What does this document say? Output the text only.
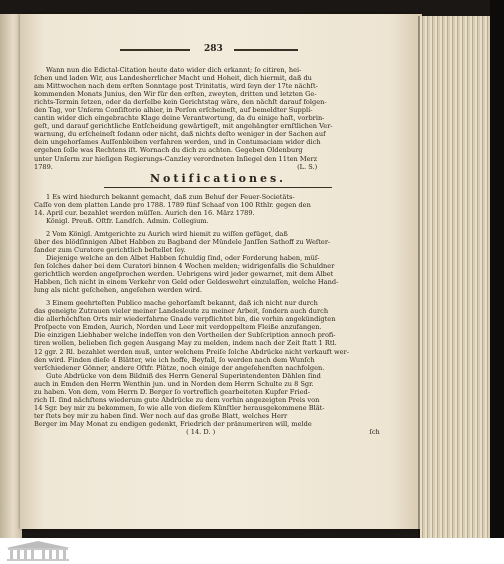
283
Wann nun die Edictal-Citation heute dato wider dich erkannt; ſo citiren, hei-
ſchen und laden Wir, aus Landesherrlicher Macht und Hoheit, dich hiermit, daß du
am Mittwochen nach dem erſten Sonntage post Trinitatis, wird ſeyn der 17te nächſt-
kommenden Monats Junius, den Wir für den erſten, zweyten, dritten und letzten Ge-
richts-Termin ſetzen, oder da derſelbe kein Gerichtstag wäre, den nächſt darauf folgen-
den Tag, vor Unſerm Conſiſtorio alhier, in Perſon erſcheineſt, auf bemeldter Supplí-
cantin wider dich eingebrachte Klage deine Verantwortung, da du einige haſt, vorbrin-
geſt, und darauf gerichtliche Entſcheidung gewärtigeſt, mit angehängter ernſtlichen Ver-
warnung, du erſcheineſt ſodann oder nicht, daß nichts deſto weniger in der Sachen auf
dein ungehorſames Auſſenbleiben verfahren werden, und in Contumaciam wider dich
ergehen ſolle was Rechtens iſt. Wornach du dich zu achten. Gegeben Oldenburg
unter Unſerm zur hieſigen Regierungs-Canzley verordneten Inſiegel den 11ten Merz
1789.	(L. S.)
Notificationes.
1 Es wird hiedurch bekannt gemacht, daß zum Behuf der Feuer-Societäts-
Caſſe von dem platten Lande pro 1788. 1789 fünf Schaaf von 100 Rthlr. gegen den
14. April cur. bezahlet werden müſſen. Aurich den 16. März 1789.
Königl. Preuß. Oſtfr. Landſch. Admin. Collegium.
2 Vom Königl. Amtgerichte zu Aurich wird hiemit zu wiſſen gefüget, daß
über des blödſinnigen Albet Habben zu Bagband der Mündele Janſſen Sathoff zu Weſter-
ſander zum Curatore gerichtlich beſtellet ſey.
Diejenige welche an den Albet Habben ſchuldig ſind, oder Forderung haben, müſ-
ſen ſolches daher bei dem Curatori binnen 4 Wochen melden; widrigenfalls die Schuldner
gerichtlich werden angeſprochen werden. Uebrigens wird jeder gewarnet, mit dem Albet
Habben, ſich nicht in einem Verkehr von Geld oder Geldeswehrt einzulaſſen, welche Hand-
lung als nicht geſchehen, angeſehen werden wird.
3 Einem geehrteſten Publico mache gehorſamſt bekannt, daß ich nicht nur durch
das geneigte Zutrauen vieler meiner Landesleute zu meiner Arbeit, ſondern auch durch
die allerhöchſten Orts mir wiederfahrne Gnade verpflichtet bin, die vorhin angekündigten
Proſpecte von Emden, Aurich, Norden und Leer mit verdoppeltem Fleiße anzufangen.
Die einzigen Liebhaber welche indeſſen von den Vortheilen der Subſcription annoch profi-
tiren wollen, belieben ſich gegen Ausgang May zu melden, indem nach der Zeit ſtatt 1 Rtl.
12 ggr. 2 Rl. bezahlet werden muß, unter welchem Preiſe ſolche Abdrücke nicht verkauft wer-
den wird. Finden dieſe 4 Blätter, wie ich hoffe, Beyfall, ſo werden nach dem Wunſch
verſchiedener Gönner, andere Oſtfr. Plätze, noch einige der angeſehenſten nachfolgen.
Gute Abdrücke von dem Bildniß des Herrn General Superintendenten Dählen ſind
auch in Emden den Herrn Wenthin jun. und in Norden dem Herrn Schulte zu 8 Sgr.
zu haben. Von dem, vom Herrn D. Berger ſo vortreflich gearbeiteten Kupfer Fried-
rich II. ſind nächſtens wiederum gute Abdrücke zu dem vorhin angezeigten Preis von
14 Sgr. bey mir zu bekommen, ſo wie alle von dieſem Künſtler herausgekommene Blät-
ter ſtets bey mir zu haben ſind. Wer noch auf das große Blatt, welches Herr
Berger im May Monat zu endigen gedenkt, Friedrich der pränumeriren will, melde
( 14. D. )	ſch
